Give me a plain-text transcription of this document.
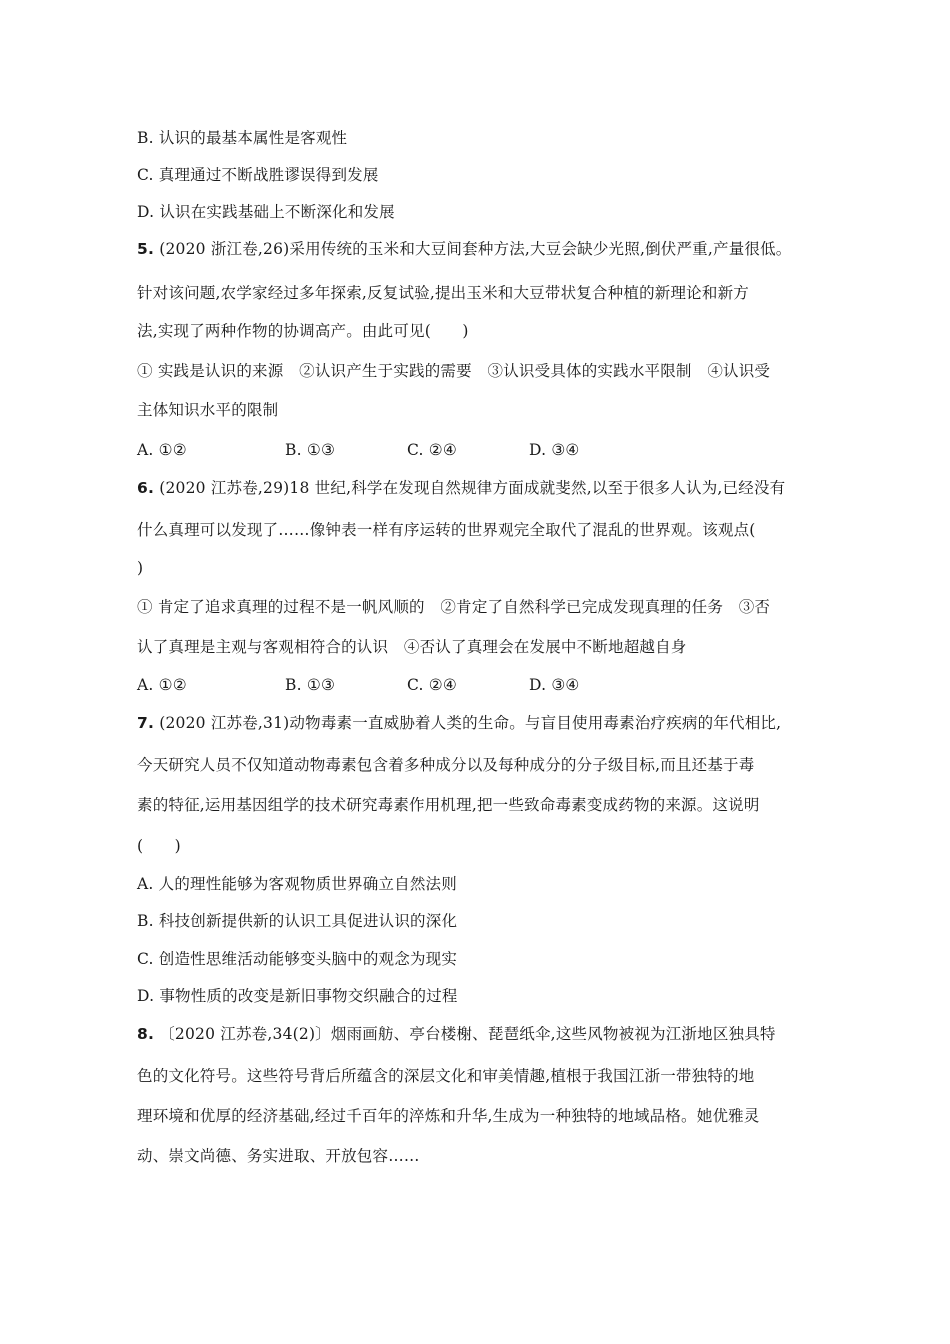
B. 认识的最基本属性是客观性
C. 真理通过不断战胜谬误得到发展
D. 认识在实践基础上不断深化和发展
5. (2020 浙江卷,26)采用传统的玉米和大豆间套种方法,大豆会缺少光照,倒伏严重,产量很低。
针对该问题,农学家经过多年探索,反复试验,提出玉米和大豆带状复合种植的新理论和新方
法,实现了两种作物的协调高产。由此可见(　　)
① 实践是认识的来源　②认识产生于实践的需要　③认识受具体的实践水平限制　④认识受
主体知识水平的限制
A. ①②	B. ①③	C. ②④	D. ③④
6. (2020 江苏卷,29)18 世纪,科学在发现自然规律方面成就斐然,以至于很多人认为,已经没有
什么真理可以发现了……像钟表一样有序运转的世界观完全取代了混乱的世界观。该观点(
)
① 肯定了追求真理的过程不是一帆风顺的　②肯定了自然科学已完成发现真理的任务　③否
认了真理是主观与客观相符合的认识　④否认了真理会在发展中不断地超越自身
A. ①②	B. ①③	C. ②④	D. ③④
7. (2020 江苏卷,31)动物毒素一直威胁着人类的生命。与盲目使用毒素治疗疾病的年代相比,
今天研究人员不仅知道动物毒素包含着多种成分以及每种成分的分子级目标,而且还基于毒
素的特征,运用基因组学的技术研究毒素作用机理,把一些致命毒素变成药物的来源。这说明
(　　)
A. 人的理性能够为客观物质世界确立自然法则
B. 科技创新提供新的认识工具促进认识的深化
C. 创造性思维活动能够变头脑中的观念为现实
D. 事物性质的改变是新旧事物交织融合的过程
8. 〔2020 江苏卷,34(2)〕烟雨画舫、亭台楼榭、琵琶纸伞,这些风物被视为江浙地区独具特
色的文化符号。这些符号背后所蕴含的深层文化和审美情趣,植根于我国江浙一带独特的地
理环境和优厚的经济基础,经过千百年的淬炼和升华,生成为一种独特的地域品格。她优雅灵
动、崇文尚德、务实进取、开放包容……
